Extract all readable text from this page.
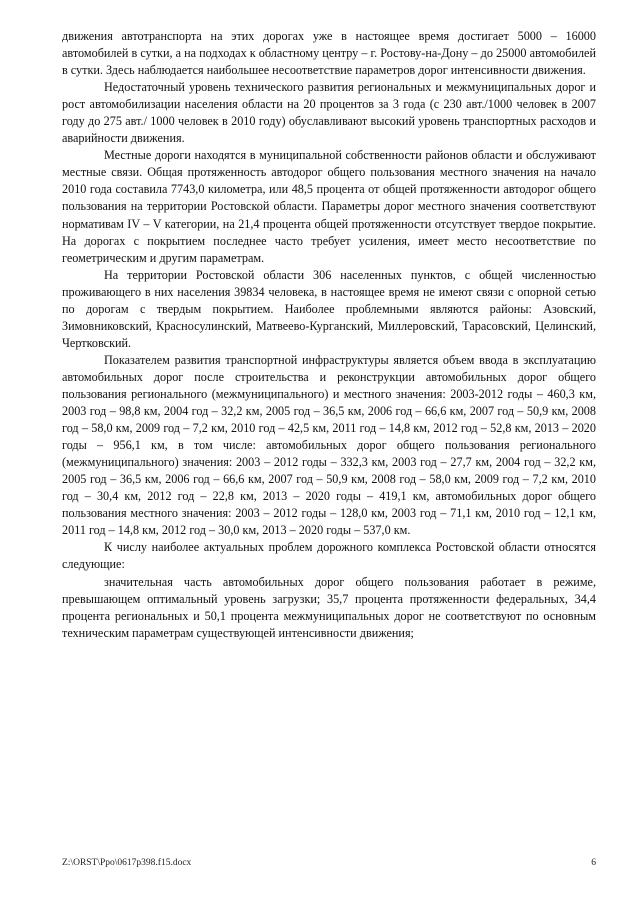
движения автотранспорта на этих дорогах уже в настоящее время достигает 5000 – 16000 автомобилей в сутки, а на подходах к областному центру – г. Ростову-на-Дону – до 25000 автомобилей в сутки. Здесь наблюдается наибольшее несоответствие параметров дорог интенсивности движения.

Недостаточный уровень технического развития региональных и межмуниципальных дорог и рост автомобилизации населения области на 20 процентов за 3 года (с 230 авт./1000 человек в 2007 году до 275 авт./ 1000 человек в 2010 году) обуславливают высокий уровень транспортных расходов и аварийности движения.

Местные дороги находятся в муниципальной собственности районов области и обслуживают местные связи. Общая протяженность автодорог общего пользования местного значения на начало 2010 года составила 7743,0 километра, или 48,5 процента от общей протяженности автодорог общего пользования на территории Ростовской области. Параметры дорог местного значения соответствуют нормативам IV – V категории, на 21,4 процента общей протяженности отсутствует твердое покрытие. На дорогах с покрытием последнее часто требует усиления, имеет место несоответствие по геометрическим и другим параметрам.

На территории Ростовской области 306 населенных пунктов, с общей численностью проживающего в них населения 39834 человека, в настоящее время не имеют связи с опорной сетью по дорогам с твердым покрытием. Наиболее проблемными являются районы: Азовский, Зимовниковский, Красносулинский, Матвеево-Курганский, Миллеровский, Тарасовский, Целинский, Чертковский.

Показателем развития транспортной инфраструктуры является объем ввода в эксплуатацию автомобильных дорог после строительства и реконструкции автомобильных дорог общего пользования регионального (межмуниципального) и местного значения: 2003-2012 годы – 460,3 км, 2003 год – 98,8 км, 2004 год – 32,2 км, 2005 год – 36,5 км, 2006 год – 66,6 км, 2007 год – 50,9 км, 2008 год – 58,0 км, 2009 год – 7,2 км, 2010 год – 42,5 км, 2011 год – 14,8 км, 2012 год – 52,8 км, 2013 – 2020 годы – 956,1 км, в том числе: автомобильных дорог общего пользования регионального (межмуниципального) значения: 2003 – 2012 годы – 332,3 км, 2003 год – 27,7 км, 2004 год – 32,2 км, 2005 год – 36,5 км, 2006 год – 66,6 км, 2007 год – 50,9 км, 2008 год – 58,0 км, 2009 год – 7,2 км, 2010 год – 30,4 км, 2012 год – 22,8 км, 2013 – 2020 годы – 419,1 км, автомобильных дорог общего пользования местного значения: 2003 – 2012 годы – 128,0 км, 2003 год – 71,1 км, 2010 год – 12,1 км, 2011 год – 14,8 км, 2012 год – 30,0 км, 2013 – 2020 годы – 537,0 км.

К числу наиболее актуальных проблем дорожного комплекса Ростовской области относятся следующие:

значительная часть автомобильных дорог общего пользования работает в режиме, превышающем оптимальный уровень загрузки; 35,7 процента протяженности федеральных, 34,4 процента региональных и 50,1 процента межмуниципальных дорог не соответствуют по основным техническим параметрам существующей интенсивности движения;

Z:\ORST\Ppo\0617p398.f15.docx	6
